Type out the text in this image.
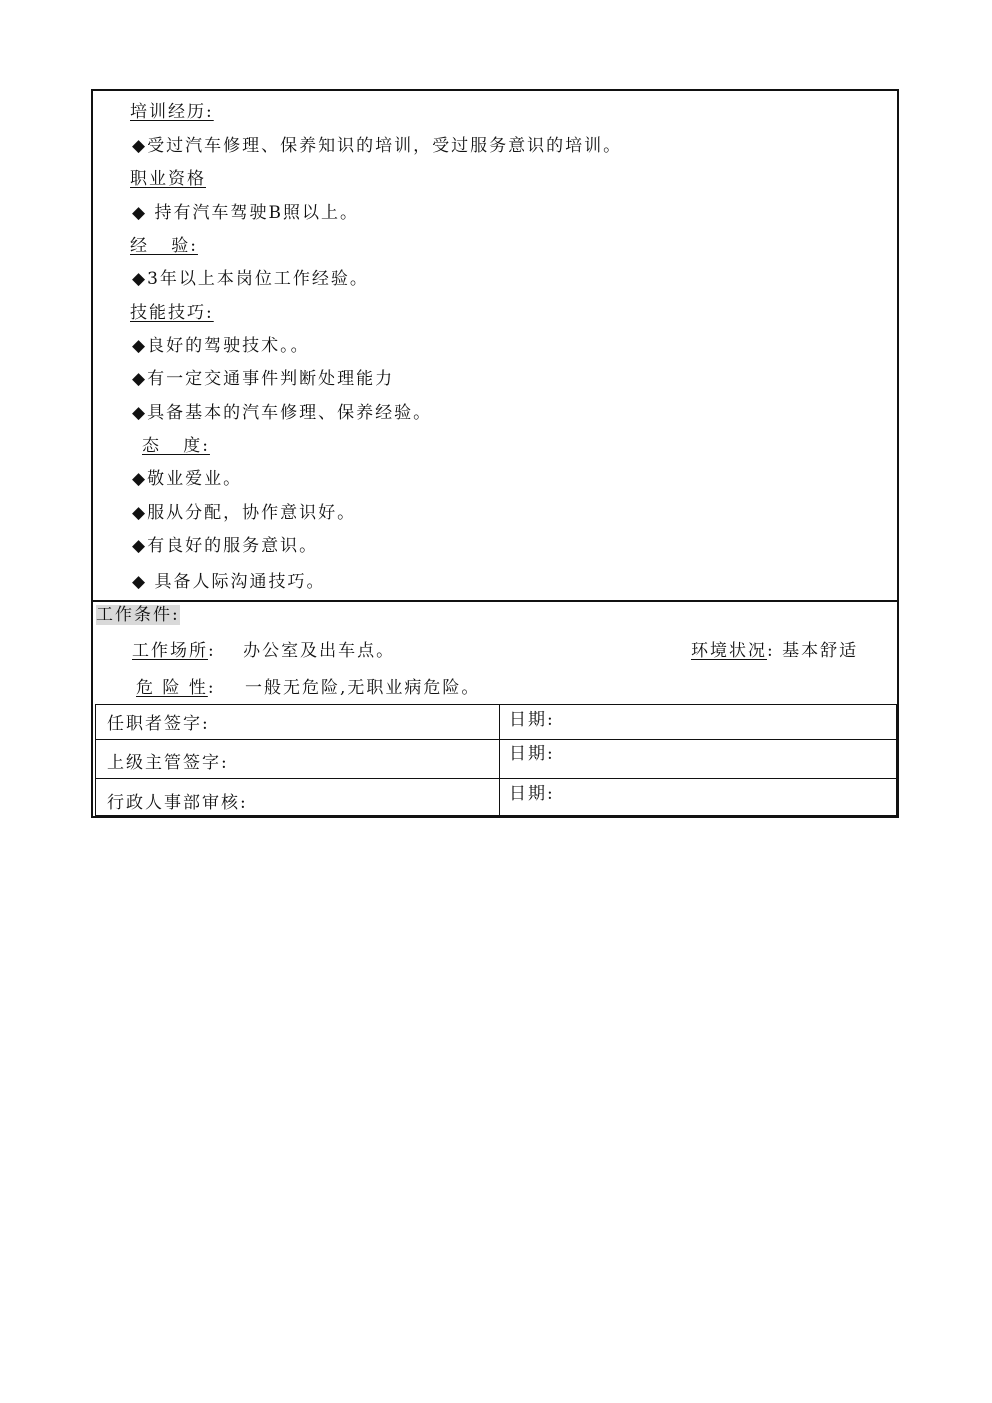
培训经历:
◆受过汽车修理、保养知识的培训，受过服务意识的培训。
职业资格
◆ 持有汽车驾驶B照以上。
经   验:
◆3年以上本岗位工作经验。
技能技巧:
◆良好的驾驶技术。。
◆有一定交通事件判断处理能力
◆具备基本的汽车修理、保养经验。
态   度:
◆敬业爱业。
◆服从分配，协作意识好。
◆有良好的服务意识。
◆ 具备人际沟通技巧。
工作条件:
工作场所: 办公室及出车点。	环境状况: 基本舒适
危 险 性: 一般无危险,无职业病危险。
任职者签字:	日期:
上级主管签字:	日期:
行政人事部审核:	日期:
